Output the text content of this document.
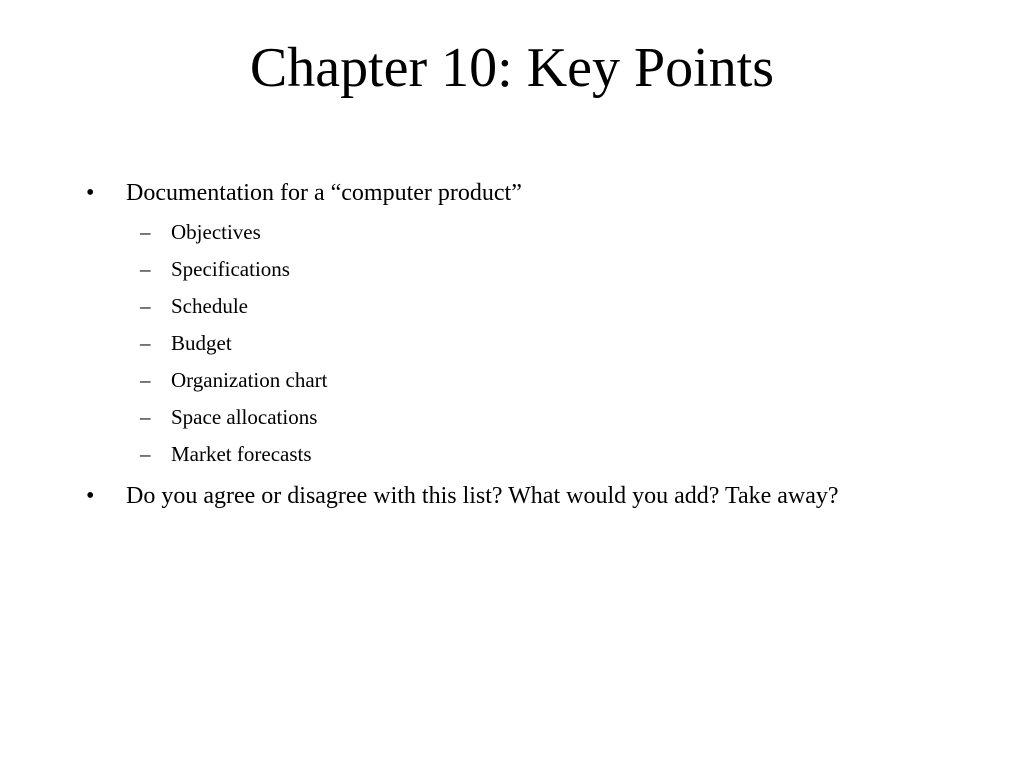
Chapter 10: Key Points
• Documentation for a “computer product”
– Objectives
– Specifications
– Schedule
– Budget
– Organization chart
– Space allocations
– Market forecasts
• Do you agree or disagree with this list? What would you add? Take away?
